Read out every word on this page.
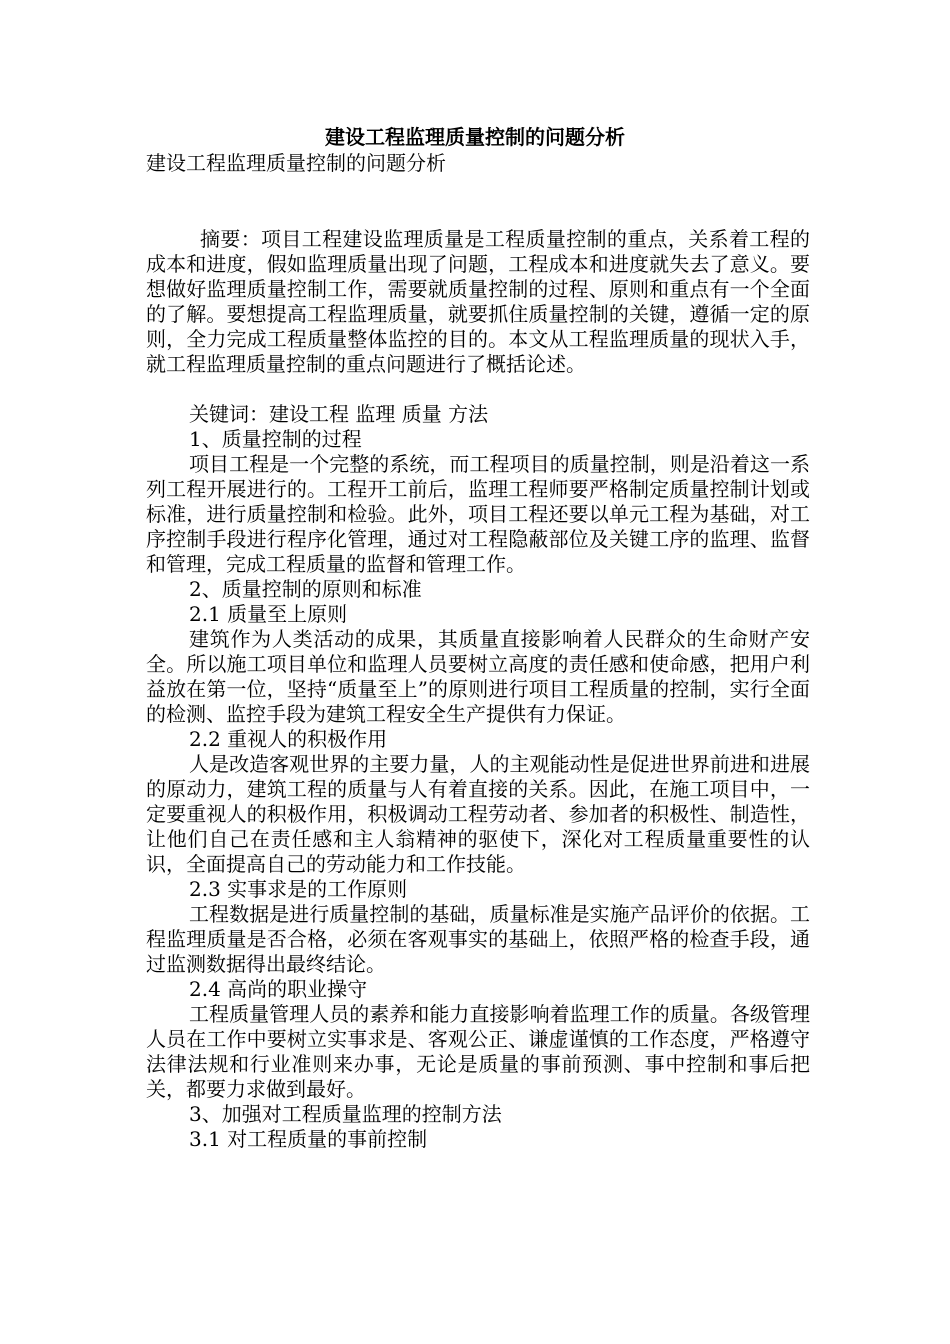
建设工程监理质量控制的问题分析
建设工程监理质量控制的问题分析

摘要：项目工程建设监理质量是工程质量控制的重点，关系着工程的成本和进度，假如监理质量出现了问题，工程成本和进度就失去了意义。要想做好监理质量控制工作，需要就质量控制的过程、原则和重点有一个全面的了解。要想提高工程监理质量，就要抓住质量控制的关键，遵循一定的原则，全力完成工程质量整体监控的目的。本文从工程监理质量的现状入手，就工程监理质量控制的重点问题进行了概括论述。

关键词：建设工程 监理 质量 方法

1、质量控制的过程

项目工程是一个完整的系统，而工程项目的质量控制，则是沿着这一系列工程开展进行的。工程开工前后，监理工程师要严格制定质量控制计划或标准，进行质量控制和检验。此外，项目工程还要以单元工程为基础，对工序控制手段进行程序化管理，通过对工程隐蔽部位及关键工序的监理、监督和管理，完成工程质量的监督和管理工作。

2、质量控制的原则和标准

2.1 质量至上原则

建筑作为人类活动的成果，其质量直接影响着人民群众的生命财产安全。所以施工项目单位和监理人员要树立高度的责任感和使命感，把用户利益放在第一位，坚持“质量至上”的原则进行项目工程质量的控制，实行全面的检测、监控手段为建筑工程安全生产提供有力保证。

2.2 重视人的积极作用

人是改造客观世界的主要力量，人的主观能动性是促进世界前进和进展的原动力，建筑工程的质量与人有着直接的关系。因此，在施工项目中，一定要重视人的积极作用，积极调动工程劳动者、参加者的积极性、制造性，让他们自己在责任感和主人翁精神的驱使下，深化对工程质量重要性的认识，全面提高自己的劳动能力和工作技能。

2.3 实事求是的工作原则

工程数据是进行质量控制的基础，质量标准是实施产品评价的依据。工程监理质量是否合格，必须在客观事实的基础上，依照严格的检查手段，通过监测数据得出最终结论。

2.4 高尚的职业操守

工程质量管理人员的素养和能力直接影响着监理工作的质量。各级管理人员在工作中要树立实事求是、客观公正、谦虚谨慎的工作态度，严格遵守法律法规和行业准则来办事，无论是质量的事前预测、事中控制和事后把关，都要力求做到最好。

3、加强对工程质量监理的控制方法

3.1 对工程质量的事前控制
